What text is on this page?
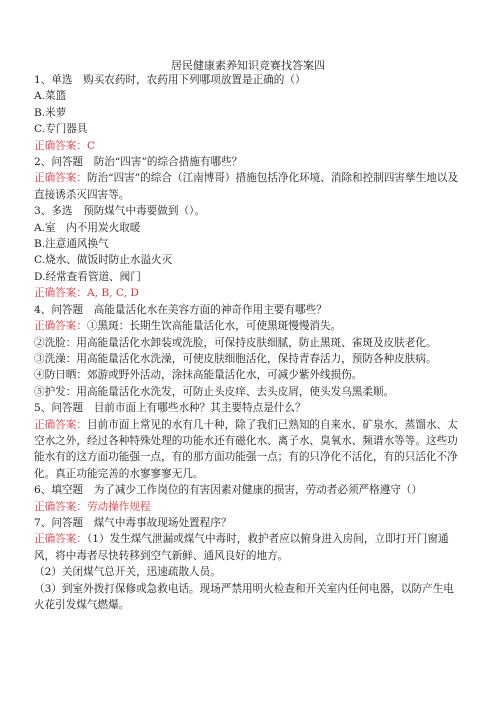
居民健康素养知识竞赛找答案四
1、单选　购买农药时，农药用下列哪项放置是正确的（）
A.菜篮
B.米萝
C.专门器具
正确答案：C
2、问答题　防治“四害”的综合措施有哪些？
正确答案：防治“四害”的综合（江南博哥）措施包括净化环境、消除和控制四害孳生地以及直接诱杀灭四害等。
3、多选　预防煤气中毒要做到（）。
A.室　内不用炭火取暖
B.注意通风换气
C.烧水、做饭时防止水溢火灭
D.经常查看管道、阀门
正确答案：A, B, C, D
4、问答题　高能量活化水在美容方面的神奇作用主要有哪些？
正确答案：①黑斑：长期生饮高能量活化水，可使黑斑慢慢消失。
②洗脸：用高能量活化水卸装或洗脸，可保持皮肤细腻，防止黑斑、雀斑及皮肤老化。
③洗澡：用高能量活化水洗澡，可使皮肤细胞活化，保持青春活力，预防各种皮肤病。
④防日晒：郊游或野外活动，涂抹高能量活化水，可减少紫外线损伤。
⑤护发：用高能量活化水洗发，可防止头皮痒、去头皮屑，使头发乌黑柔顺。
5、问答题　目前市面上有哪些水种？其主要特点是什么？
正确答案：目前市面上常见的水有几十种，除了我们已熟知的自来水、矿泉水、蒸馏水、太空水之外，经过各种特殊处理的功能水还有磁化水、离子水、臭氧水、频谱水等等。这些功能水有的这方面功能强一点，有的那方面功能强一点；有的只净化不活化，有的只活化不净化。真正功能完善的水寥寥寥无几。
6、填空题　为了减少工作岗位的有害因素对健康的损害，劳动者必须严格遵守（）
正确答案：劳动操作规程
7、问答题　煤气中毒事故现场处置程序？
正确答案：（1）发生煤气泄漏或煤气中毒时，救护者应以俯身进入房间，立即打开门窗通风，将中毒者尽快转移到空气新鲜、通风良好的地方。
（2）关闭煤气总开关，迅速疏散人员。
（3）到室外拨打保修或急救电话。现场严禁用明火检查和开关室内任何电器，以防产生电火花引发煤气燃爆。
